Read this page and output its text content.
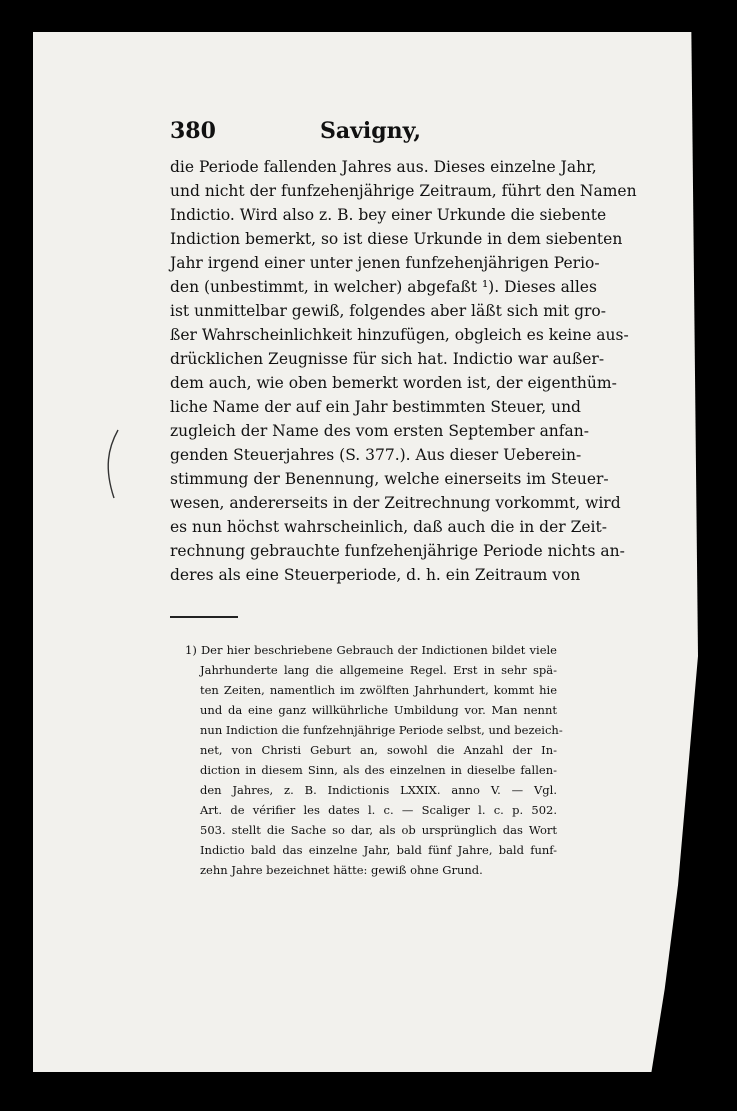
380	Savigny,
die Periode fallenden Jahres aus. Dieses einzelne Jahr,
und nicht der funfzehenjährige Zeitraum, führt den Namen
Indictio. Wird also z. B. bey einer Urkunde die siebente
Indiction bemerkt, so ist diese Urkunde in dem siebenten
Jahr irgend einer unter jenen funfzehenjährigen Perio-
den (unbestimmt, in welcher) abgefaßt ¹). Dieses alles
ist unmittelbar gewiß, folgendes aber läßt sich mit gro-
ßer Wahrscheinlichkeit hinzufügen, obgleich es keine aus-
drücklichen Zeugnisse für sich hat. Indictio war außer-
dem auch, wie oben bemerkt worden ist, der eigenthüm-
liche Name der auf ein Jahr bestimmten Steuer, und
zugleich der Name des vom ersten September anfan-
genden Steuerjahres (S. 377.). Aus dieser Ueberein-
stimmung der Benennung, welche einerseits im Steuer-
wesen, andererseits in der Zeitrechnung vorkommt, wird
es nun höchst wahrscheinlich, daß auch die in der Zeit-
rechnung gebrauchte funfzehenjährige Periode nichts an-
deres als eine Steuerperiode, d. h. ein Zeitraum von
1) Der hier beschriebene Gebrauch der Indictionen bildet viele
Jahrhunderte lang die allgemeine Regel. Erst in sehr spä-
ten Zeiten, namentlich im zwölften Jahrhundert, kommt hie
und da eine ganz willkührliche Umbildung vor. Man nennt
nun Indiction die funfzehnjährige Periode selbst, und bezeich-
net, von Christi Geburt an, sowohl die Anzahl der In-
diction in diesem Sinn, als des einzelnen in dieselbe fallen-
den Jahres, z. B. Indictionis LXXIX. anno V. — Vgl.
Art. de vérifier les dates l. c. — Scaliger l. c. p. 502.
503. stellt die Sache so dar, als ob ursprünglich das Wort
Indictio bald das einzelne Jahr, bald fünf Jahre, bald funf-
zehn Jahre bezeichnet hätte: gewiß ohne Grund.
